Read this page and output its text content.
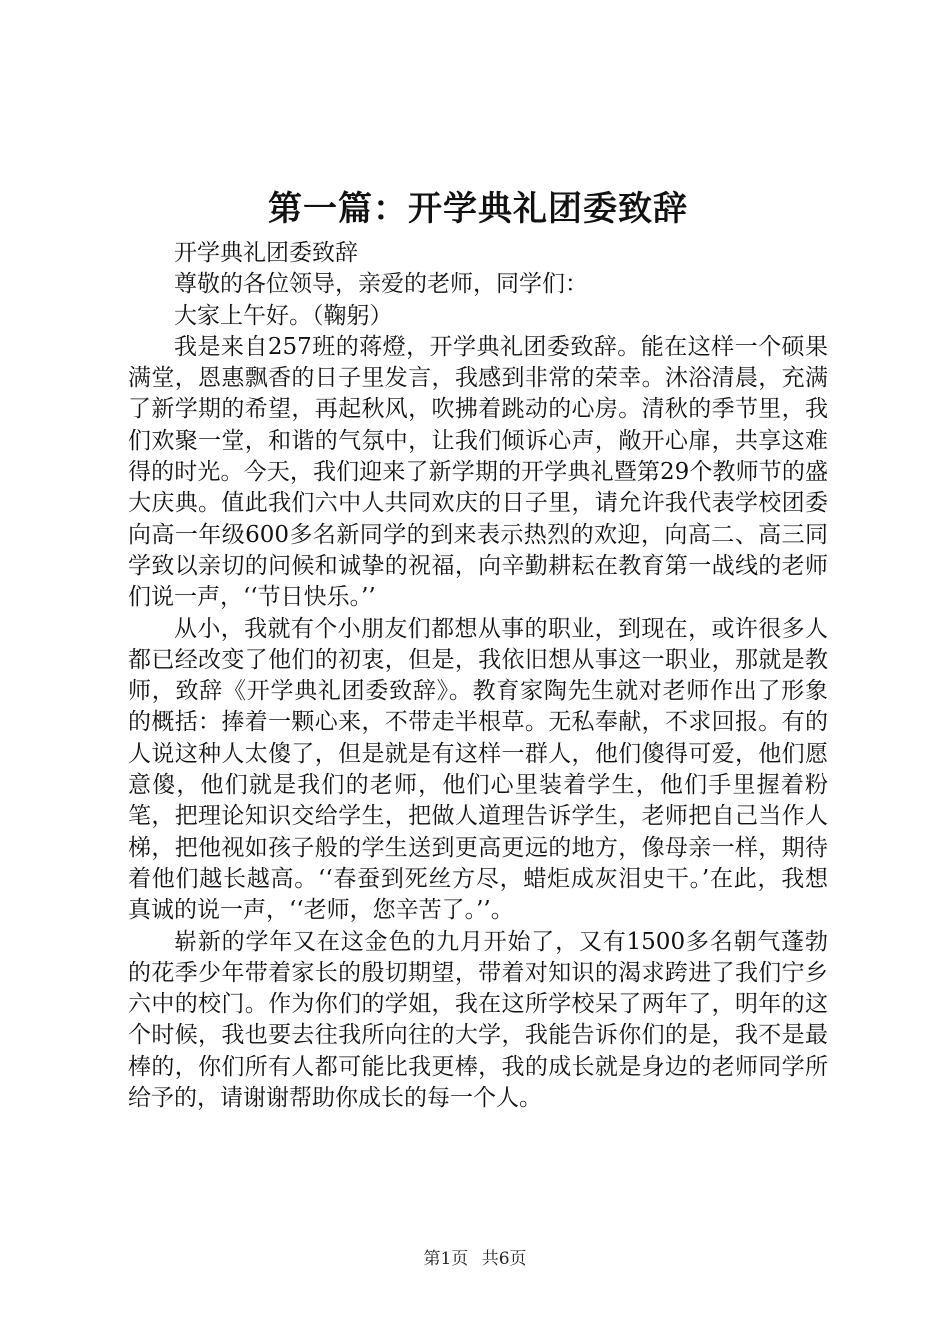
第一篇：开学典礼团委致辞

开学典礼团委致辞

尊敬的各位领导，亲爱的老师，同学们：

大家上午好。（鞠躬）

我是来自257班的蒋燈，开学典礼团委致辞。能在这样一个硕果满堂，恩惠飘香的日子里发言，我感到非常的荣幸。沐浴清晨，充满了新学期的希望，再起秋风，吹拂着跳动的心房。清秋的季节里，我们欢聚一堂，和谐的气氛中，让我们倾诉心声，敞开心扉，共享这难得的时光。今天，我们迎来了新学期的开学典礼暨第29个教师节的盛大庆典。值此我们六中人共同欢庆的日子里，请允许我代表学校团委向高一年级600多名新同学的到来表示热烈的欢迎，向高二、高三同学致以亲切的问候和诚挚的祝福，向辛勤耕耘在教育第一战线的老师们说一声，‘‘节日快乐。’’

从小，我就有个小朋友们都想从事的职业，到现在，或许很多人都已经改变了他们的初衷，但是，我依旧想从事这一职业，那就是教师，致辞《开学典礼团委致辞》。教育家陶先生就对老师作出了形象的概括：捧着一颗心来，不带走半根草。无私奉献，不求回报。有的人说这种人太傻了，但是就是有这样一群人，他们傻得可爱，他们愿意傻，他们就是我们的老师，他们心里装着学生，他们手里握着粉笔，把理论知识交给学生，把做人道理告诉学生，老师把自己当作人梯，把他视如孩子般的学生送到更高更远的地方，像母亲一样，期待着他们越长越高。‘‘春蚕到死丝方尽，蜡炬成灰泪史干。’在此，我想真诚的说一声，‘‘老师，您辛苦了。’’。

崭新的学年又在这金色的九月开始了，又有1500多名朝气蓬勃的花季少年带着家长的殷切期望，带着对知识的渴求跨进了我们宁乡六中的校门。作为你们的学姐，我在这所学校呆了两年了，明年的这个时候，我也要去往我所向往的大学，我能告诉你们的是，我不是最棒的，你们所有人都可能比我更棒，我的成长就是身边的老师同学所给予的，请谢谢帮助你成长的每一个人。

第1页 共6页
